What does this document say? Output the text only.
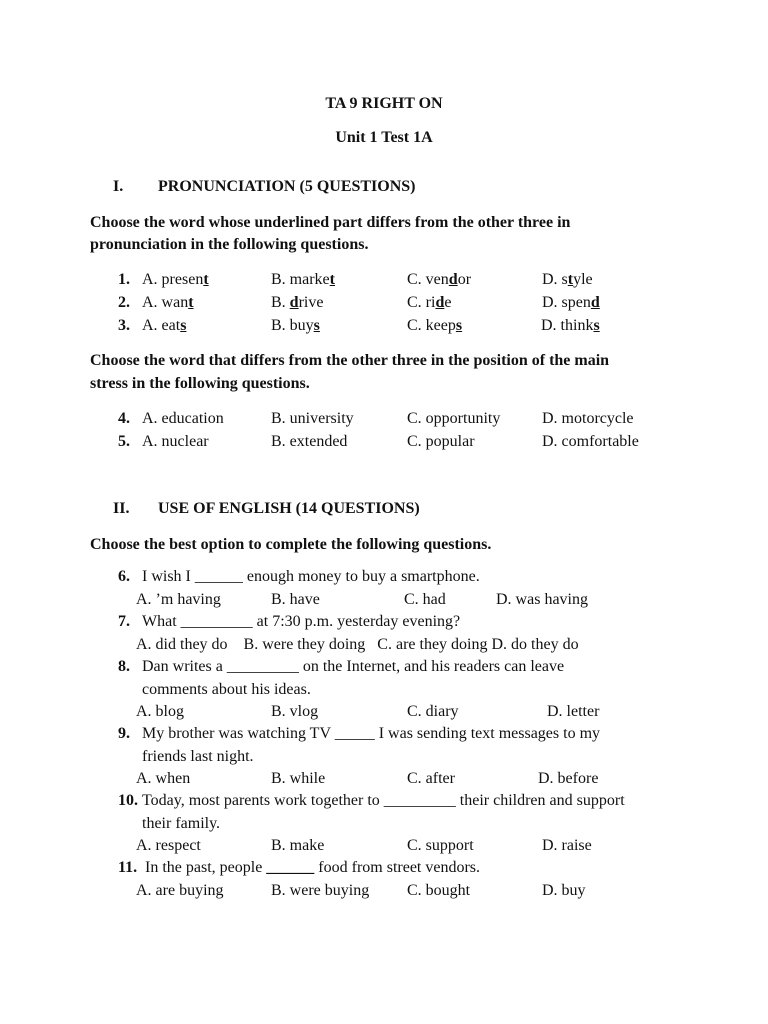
TA 9 RIGHT ON
Unit 1 Test 1A
I. PRONUNCIATION (5 QUESTIONS)
Choose the word whose underlined part differs from the other three in
pronunciation in the following questions.
1. A. present	B. market	C. vendor	D. style
2. A. want	B. drive	C. ride	D. spend
3. A. eats	B. buys	C. keeps	D. thinks
Choose the word that differs from the other three in the position of the main
stress in the following questions.
4. A. education	B. university	C. opportunity	D. motorcycle
5. A. nuclear	B. extended	C. popular	D. comfortable
II. USE OF ENGLISH (14 QUESTIONS)
Choose the best option to complete the following questions.
6. I wish I ______ enough money to buy a smartphone.
A. ’m having	B. have	C. had	D. was having
7. What _________ at 7:30 p.m. yesterday evening?
A. did they do    B. were they doing   C. are they doing D. do they do
8. Dan writes a _________ on the Internet, and his readers can leave
comments about his ideas.
A. blog	B. vlog	C. diary	D. letter
9. My brother was watching TV _____ I was sending text messages to my
friends last night.
A. when	B. while	C. after	D. before
10. Today, most parents work together to _________ their children and support
their family.
A. respect	B. make	C. support	D. raise
11. In the past, people ______ food from street vendors.
A. are buying	B. were buying C. bought	D. buy
